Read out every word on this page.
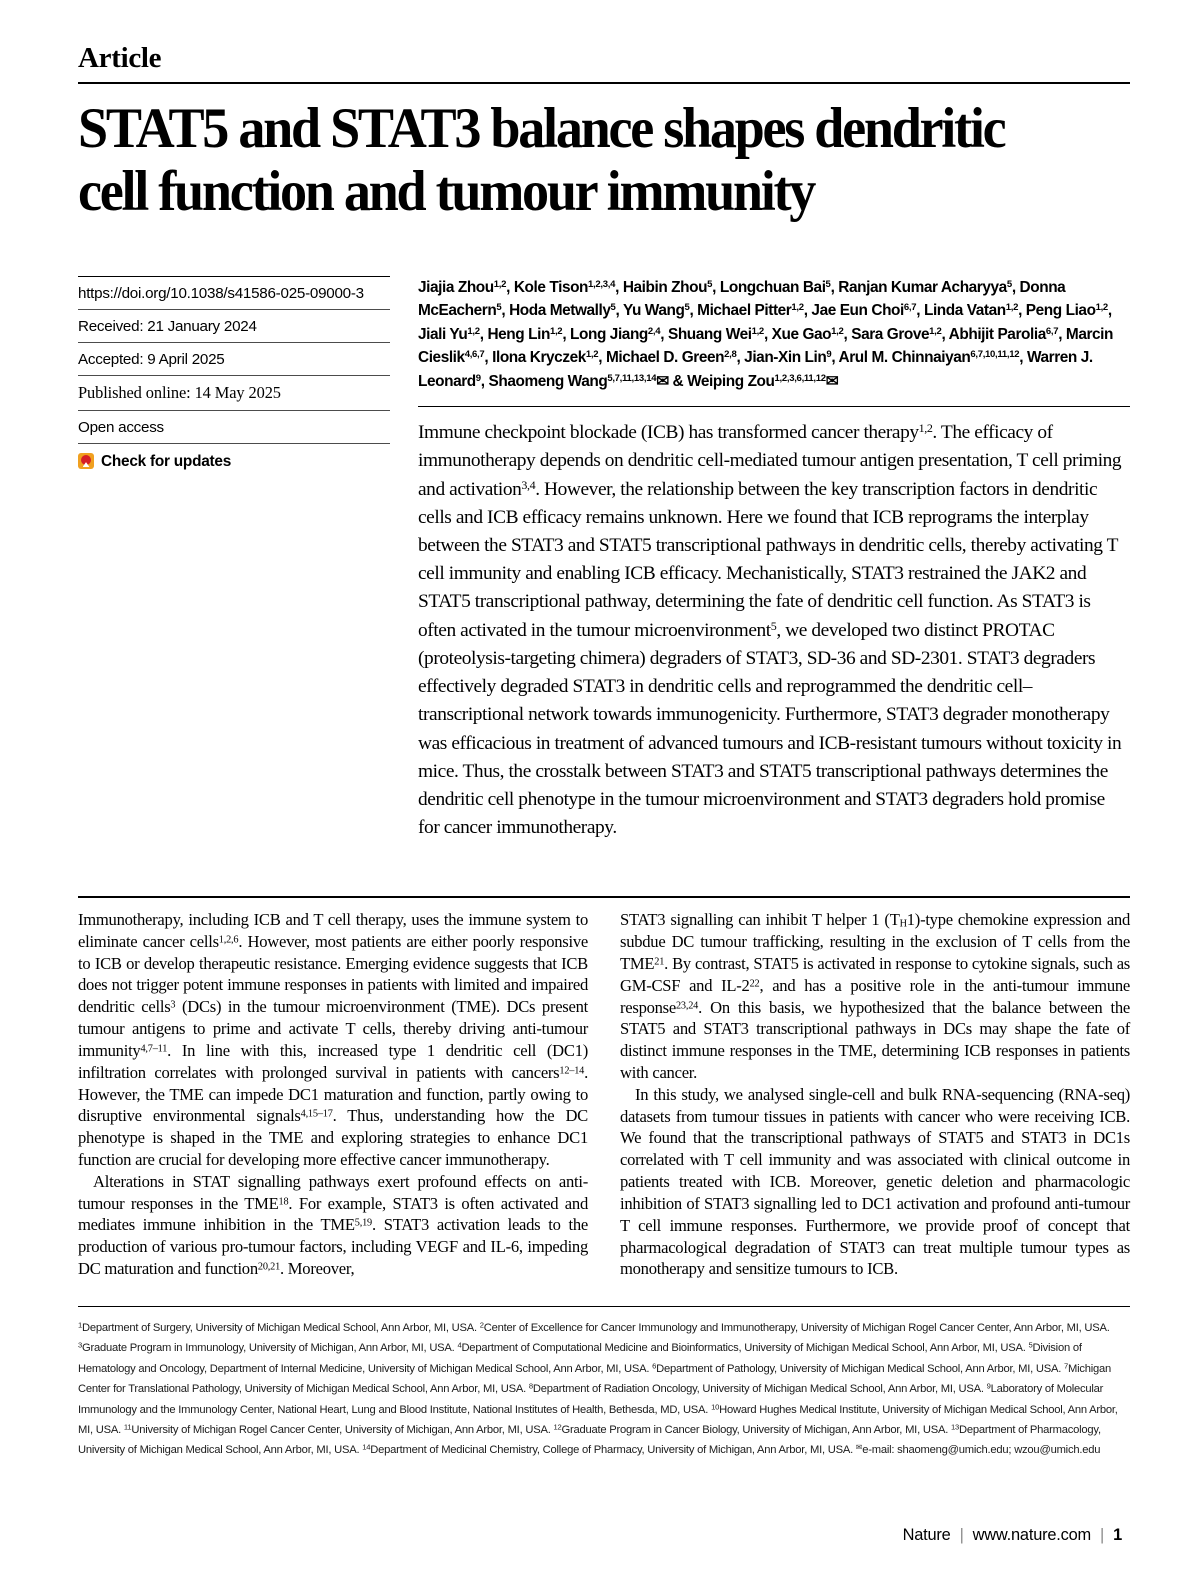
Article
STAT5 and STAT3 balance shapes dendritic cell function and tumour immunity
https://doi.org/10.1038/s41586-025-09000-3
Received: 21 January 2024
Accepted: 9 April 2025
Published online: 14 May 2025
Open access
Check for updates
Jiajia Zhou$^{1,2}$, Kole Tison$^{1,2,3,4}$, Haibin Zhou$^5$, Longchuan Bai$^5$, Ranjan Kumar Acharyya$^5$, Donna McEachern$^5$, Hoda Metwally$^5$, Yu Wang$^5$, Michael Pitter$^{1,2}$, Jae Eun Choi$^{6,7}$, Linda Vatan$^{1,2}$, Peng Liao$^{1,2}$, Jiali Yu$^{1,2}$, Heng Lin$^{1,2}$, Long Jiang$^{2,4}$, Shuang Wei$^{1,2}$, Xue Gao$^{1,2}$, Sara Grove$^{1,2}$, Abhijit Parolia$^{6,7}$, Marcin Cieslik$^{4,6,7}$, Ilona Kryczek$^{1,2}$, Michael D. Green$^{2,8}$, Jian-Xin Lin$^9$, Arul M. Chinnaiyan$^{6,7,10,11,12}$, Warren J. Leonard$^9$, Shaomeng Wang$^{5,7,11,13,14}$✉ & Weiping Zou$^{1,2,3,6,11,12}$✉
Immune checkpoint blockade (ICB) has transformed cancer therapy$^{1,2}$. The efficacy of immunotherapy depends on dendritic cell-mediated tumour antigen presentation, T cell priming and activation$^{3,4}$. However, the relationship between the key transcription factors in dendritic cells and ICB efficacy remains unknown. Here we found that ICB reprograms the interplay between the STAT3 and STAT5 transcriptional pathways in dendritic cells, thereby activating T cell immunity and enabling ICB efficacy. Mechanistically, STAT3 restrained the JAK2 and STAT5 transcriptional pathway, determining the fate of dendritic cell function. As STAT3 is often activated in the tumour microenvironment$^5$, we developed two distinct PROTAC (proteolysis-targeting chimera) degraders of STAT3, SD-36 and SD-2301. STAT3 degraders effectively degraded STAT3 in dendritic cells and reprogrammed the dendritic cell–transcriptional network towards immunogenicity. Furthermore, STAT3 degrader monotherapy was efficacious in treatment of advanced tumours and ICB-resistant tumours without toxicity in mice. Thus, the crosstalk between STAT3 and STAT5 transcriptional pathways determines the dendritic cell phenotype in the tumour microenvironment and STAT3 degraders hold promise for cancer immunotherapy.

Immunotherapy, including ICB and T cell therapy, uses the immune system to eliminate cancer cells$^{1,2,6}$. However, most patients are either poorly responsive to ICB or develop therapeutic resistance. Emerging evidence suggests that ICB does not trigger potent immune responses in patients with limited and impaired dendritic cells$^3$ (DCs) in the tumour microenvironment (TME). DCs present tumour antigens to prime and activate T cells, thereby driving anti-tumour immunity$^{4,7-11}$. In line with this, increased type 1 dendritic cell (DC1) infiltration correlates with prolonged survival in patients with cancers$^{12-14}$. However, the TME can impede DC1 maturation and function, partly owing to disruptive environmental signals$^{4,15-17}$. Thus, understanding how the DC phenotype is shaped in the TME and exploring strategies to enhance DC1 function are crucial for developing more effective cancer immunotherapy.

Alterations in STAT signalling pathways exert profound effects on anti-tumour responses in the TME$^{18}$. For example, STAT3 is often activated and mediates immune inhibition in the TME$^{5,19}$. STAT3 activation leads to the production of various pro-tumour factors, including VEGF and IL-6, impeding DC maturation and function$^{20,21}$. Moreover,

STAT3 signalling can inhibit T helper 1 $(T_H1)$-type chemokine expression and subdue DC tumour trafficking, resulting in the exclusion of T cells from the TME$^{21}$. By contrast, STAT5 is activated in response to cytokine signals, such as GM-CSF and $IL-2^{22}$, and has a positive role in the anti-tumour immune response$^{23,24}$. On this basis, we hypothesized that the balance between the STAT5 and STAT3 transcriptional pathways in DCs may shape the fate of distinct immune responses in the TME, determining ICB responses in patients with cancer.

In this study, we analysed single-cell and bulk RNA-sequencing (RNA-seq) datasets from tumour tissues in patients with cancer who were receiving ICB. We found that the transcriptional pathways of STAT5 and STAT3 in DC1s correlated with T cell immunity and was associated with clinical outcome in patients treated with ICB. Moreover, genetic deletion and pharmacologic inhibition of STAT3 signalling led to DC1 activation and profound anti-tumour T cell immune responses. Furthermore, we provide proof of concept that pharmacological degradation of STAT3 can treat multiple tumour types as monotherapy and sensitize tumours to ICB.

$^1$Department of Surgery, University of Michigan Medical School, Ann Arbor, MI, USA. $^2$Center of Excellence for Cancer Immunology and Immunotherapy, University of Michigan Rogel Cancer Center, Ann Arbor, MI, USA. $^3$Graduate Program in Immunology, University of Michigan, Ann Arbor, MI, USA. $^4$Department of Computational Medicine and Bioinformatics, University of Michigan Medical School, Ann Arbor, MI, USA. $^5$Division of Hematology and Oncology, Department of Internal Medicine, University of Michigan Medical School, Ann Arbor, MI, USA. $^6$Department of Pathology, University of Michigan Medical School, Ann Arbor, MI, USA. $^7$Michigan Center for Translational Pathology, University of Michigan Medical School, Ann Arbor, MI, USA. $^8$Department of Radiation Oncology, University of Michigan Medical School, Ann Arbor, MI, USA. $^9$Laboratory of Molecular Immunology and the Immunology Center, National Heart, Lung and Blood Institute, National Institutes of Health, Bethesda, MD, USA. $^{10}$Howard Hughes Medical Institute, University of Michigan Medical School, Ann Arbor, MI, USA. $^{11}$University of Michigan Rogel Cancer Center, University of Michigan, Ann Arbor, MI, USA. $^{12}$Graduate Program in Cancer Biology, University of Michigan, Ann Arbor, MI, USA. $^{13}$Department of Pharmacology, University of Michigan Medical School, Ann Arbor, MI, USA. $^{14}$Department of Medicinal Chemistry, College of Pharmacy, University of Michigan, Ann Arbor, MI, USA. ✉e-mail: shaomeng@umich.edu; wzou@umich.edu
Nature | www.nature.com | 1
